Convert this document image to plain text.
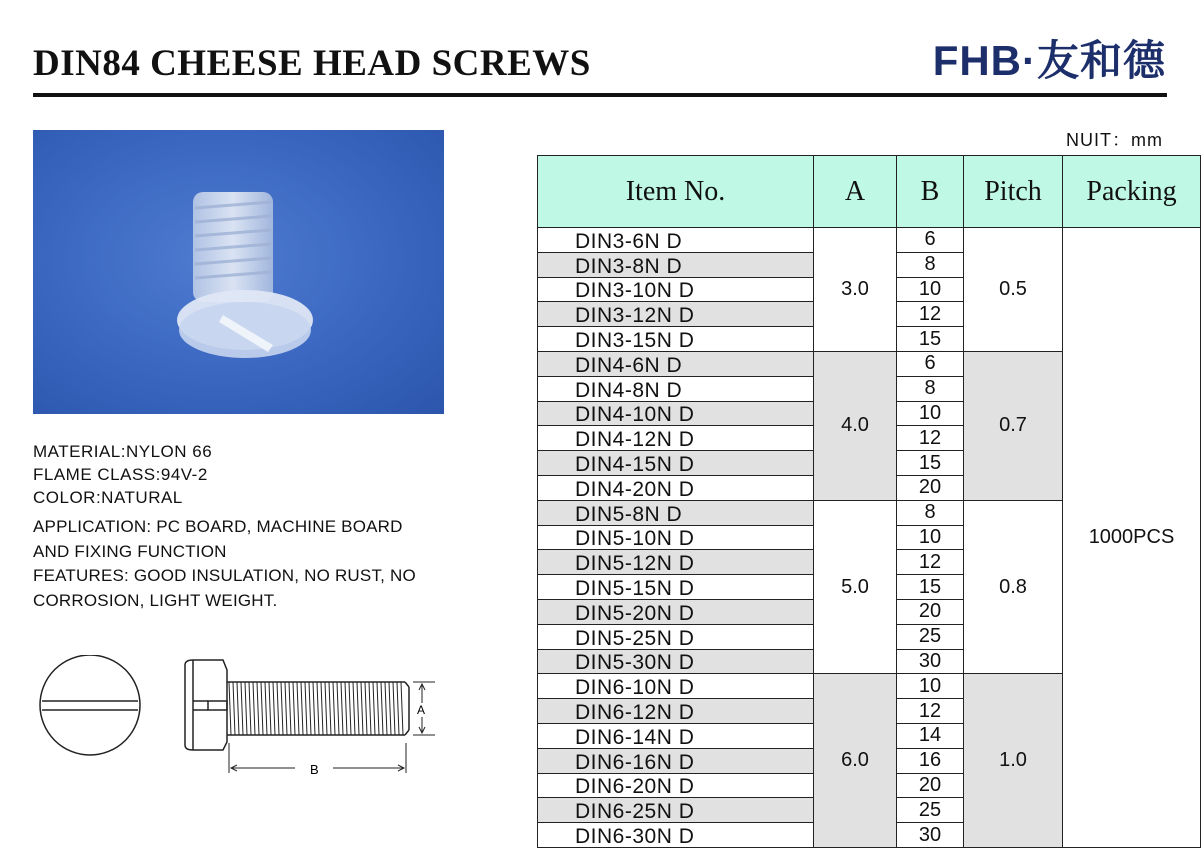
DIN84 CHEESE HEAD SCREWS	FHB·友和德
MATERIAL:NYLON 66
FLAME CLASS:94V-2
COLOR:NATURAL
APPLICATION: PC BOARD, MACHINE BOARD
AND FIXING FUNCTION
FEATURES: GOOD INSULATION, NO RUST, NO
CORROSION, LIGHT WEIGHT.
A
B
NUIT：mm
Item No.	A	B	Pitch	Packing
DIN3-6N D	3.0	6	0.5	1000PCS
DIN3-8N D		8		
DIN3-10N D		10		
DIN3-12N D		12		
DIN3-15N D		15		
DIN4-6N D	4.0	6	0.7	
DIN4-8N D		8		
DIN4-10N D		10		
DIN4-12N D		12		
DIN4-15N D		15		
DIN4-20N D		20		
DIN5-8N D	5.0	8	0.8	
DIN5-10N D		10		
DIN5-12N D		12		
DIN5-15N D		15		
DIN5-20N D		20		
DIN5-25N D		25		
DIN5-30N D		30		
DIN6-10N D	6.0	10	1.0	
DIN6-12N D		12		
DIN6-14N D		14		
DIN6-16N D		16		
DIN6-20N D		20		
DIN6-25N D		25		
DIN6-30N D		30		
